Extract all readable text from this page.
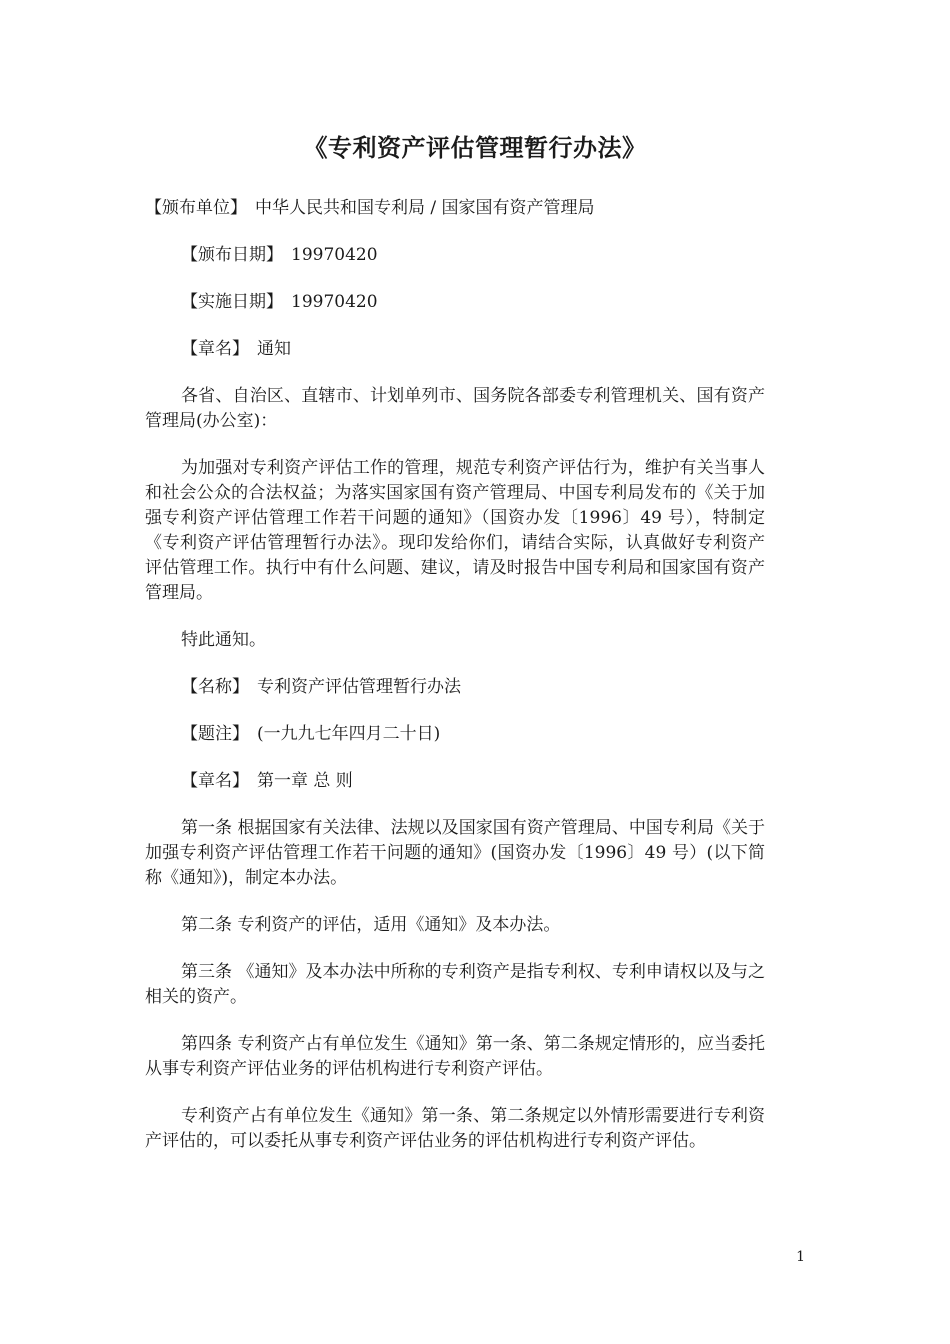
《专利资产评估管理暂行办法》

【颁布单位】 中华人民共和国专利局 / 国家国有资产管理局

【颁布日期】 19970420

【实施日期】 19970420

【章名】 通知

各省、自治区、直辖市、计划单列市、国务院各部委专利管理机关、国有资产管理局(办公室)：

为加强对专利资产评估工作的管理，规范专利资产评估行为，维护有关当事人和社会公众的合法权益；为落实国家国有资产管理局、中国专利局发布的《关于加强专利资产评估管理工作若干问题的通知》（国资办发〔1996〕49 号），特制定《专利资产评估管理暂行办法》。现印发给你们，请结合实际，认真做好专利资产评估管理工作。执行中有什么问题、建议，请及时报告中国专利局和国家国有资产管理局。

特此通知。

【名称】 专利资产评估管理暂行办法

【题注】 (一九九七年四月二十日)

【章名】 第一章 总 则

第一条 根据国家有关法律、法规以及国家国有资产管理局、中国专利局《关于加强专利资产评估管理工作若干问题的通知》(国资办发〔1996〕49 号）(以下简称《通知》)，制定本办法。

第二条 专利资产的评估，适用《通知》及本办法。

第三条 《通知》及本办法中所称的专利资产是指专利权、专利申请权以及与之相关的资产。

第四条 专利资产占有单位发生《通知》第一条、第二条规定情形的，应当委托从事专利资产评估业务的评估机构进行专利资产评估。

专利资产占有单位发生《通知》第一条、第二条规定以外情形需要进行专利资产评估的，可以委托从事专利资产评估业务的评估机构进行专利资产评估。

1
